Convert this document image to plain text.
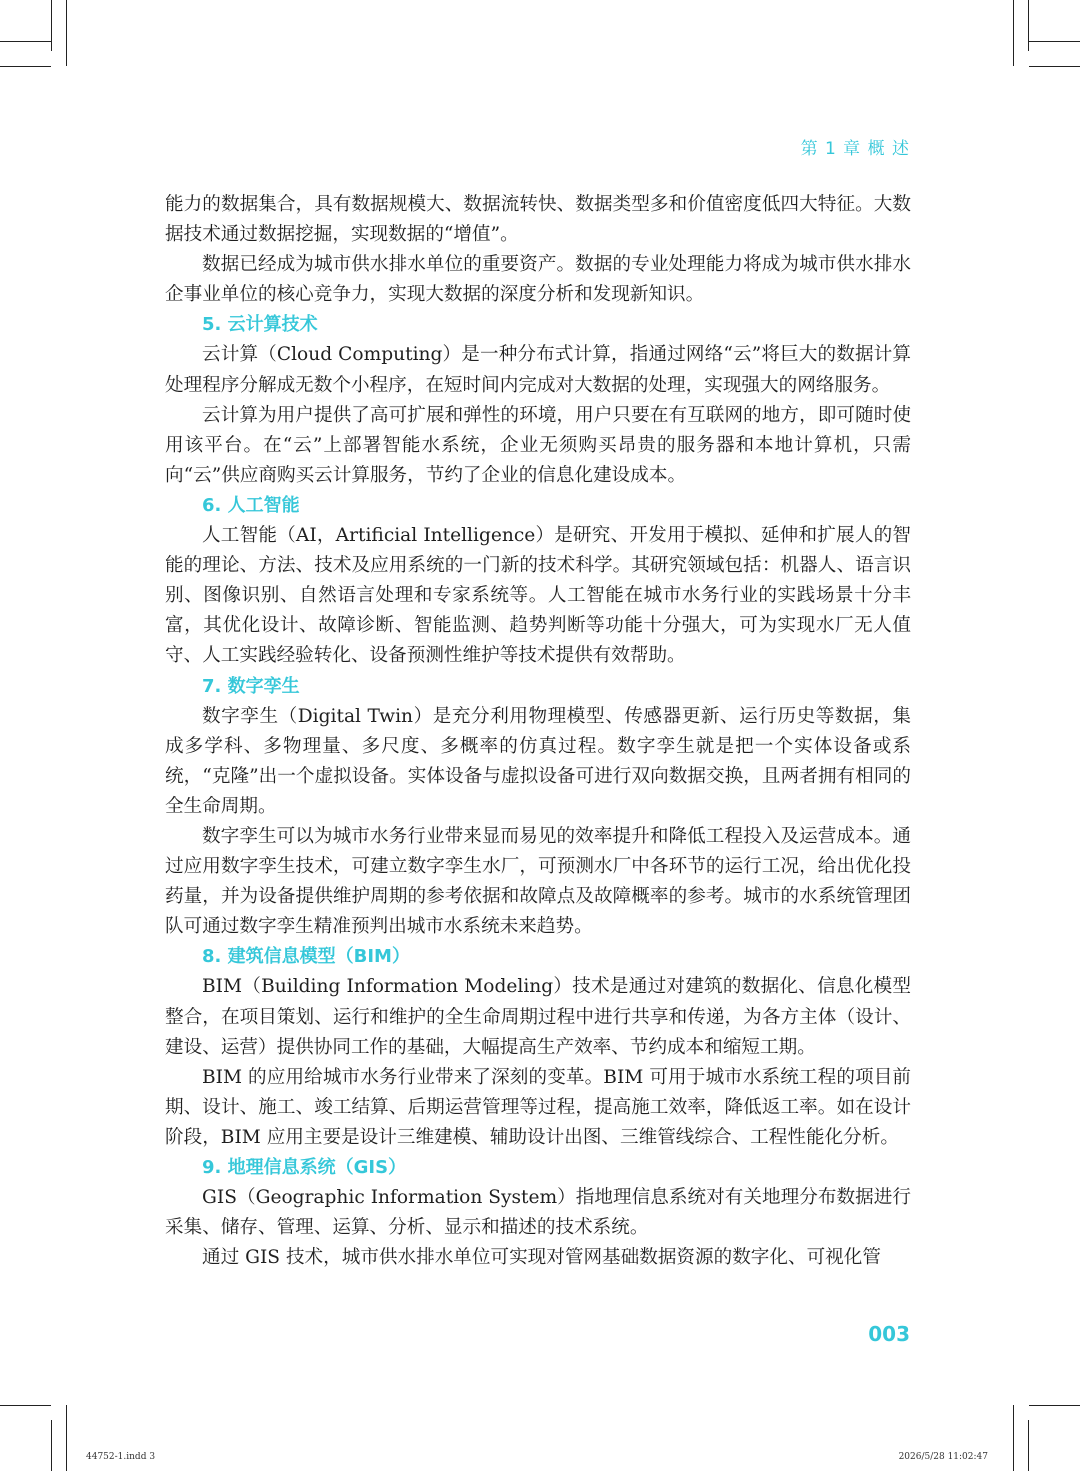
第 1 章 概 述

能力的数据集合，具有数据规模大、数据流转快、数据类型多和价值密度低四大特征。大数据技术通过数据挖掘，实现数据的“增值”。

数据已经成为城市供水排水单位的重要资产。数据的专业处理能力将成为城市供水排水企事业单位的核心竞争力，实现大数据的深度分析和发现新知识。

5. 云计算技术

云计算（Cloud Computing）是一种分布式计算，指通过网络“云”将巨大的数据计算处理程序分解成无数个小程序，在短时间内完成对大数据的处理，实现强大的网络服务。

云计算为用户提供了高可扩展和弹性的环境，用户只要在有互联网的地方，即可随时使用该平台。在“云”上部署智能水系统，企业无须购买昂贵的服务器和本地计算机，只需向“云”供应商购买云计算服务，节约了企业的信息化建设成本。

6. 人工智能

人工智能（AI，Artificial Intelligence）是研究、开发用于模拟、延伸和扩展人的智能的理论、方法、技术及应用系统的一门新的技术科学。其研究领域包括：机器人、语言识别、图像识别、自然语言处理和专家系统等。人工智能在城市水务行业的实践场景十分丰富，其优化设计、故障诊断、智能监测、趋势判断等功能十分强大，可为实现水厂无人值守、人工实践经验转化、设备预测性维护等技术提供有效帮助。

7. 数字孪生

数字孪生（Digital Twin）是充分利用物理模型、传感器更新、运行历史等数据，集成多学科、多物理量、多尺度、多概率的仿真过程。数字孪生就是把一个实体设备或系统，“克隆”出一个虚拟设备。实体设备与虚拟设备可进行双向数据交换，且两者拥有相同的全生命周期。

数字孪生可以为城市水务行业带来显而易见的效率提升和降低工程投入及运营成本。通过应用数字孪生技术，可建立数字孪生水厂，可预测水厂中各环节的运行工况，给出优化投药量，并为设备提供维护周期的参考依据和故障点及故障概率的参考。城市的水系统管理团队可通过数字孪生精准预判出城市水系统未来趋势。

8. 建筑信息模型（BIM）

BIM（Building Information Modeling）技术是通过对建筑的数据化、信息化模型整合，在项目策划、运行和维护的全生命周期过程中进行共享和传递，为各方主体（设计、建设、运营）提供协同工作的基础，大幅提高生产效率、节约成本和缩短工期。

BIM 的应用给城市水务行业带来了深刻的变革。BIM 可用于城市水系统工程的项目前期、设计、施工、竣工结算、后期运营管理等过程，提高施工效率，降低返工率。如在设计阶段，BIM 应用主要是设计三维建模、辅助设计出图、三维管线综合、工程性能化分析。

9. 地理信息系统（GIS）

GIS（Geographic Information System）指地理信息系统对有关地理分布数据进行采集、储存、管理、运算、分析、显示和描述的技术系统。

通过 GIS 技术，城市供水排水单位可实现对管网基础数据资源的数字化、可视化管

003
44752-1.indd 3	2026/5/28 11:02:47
